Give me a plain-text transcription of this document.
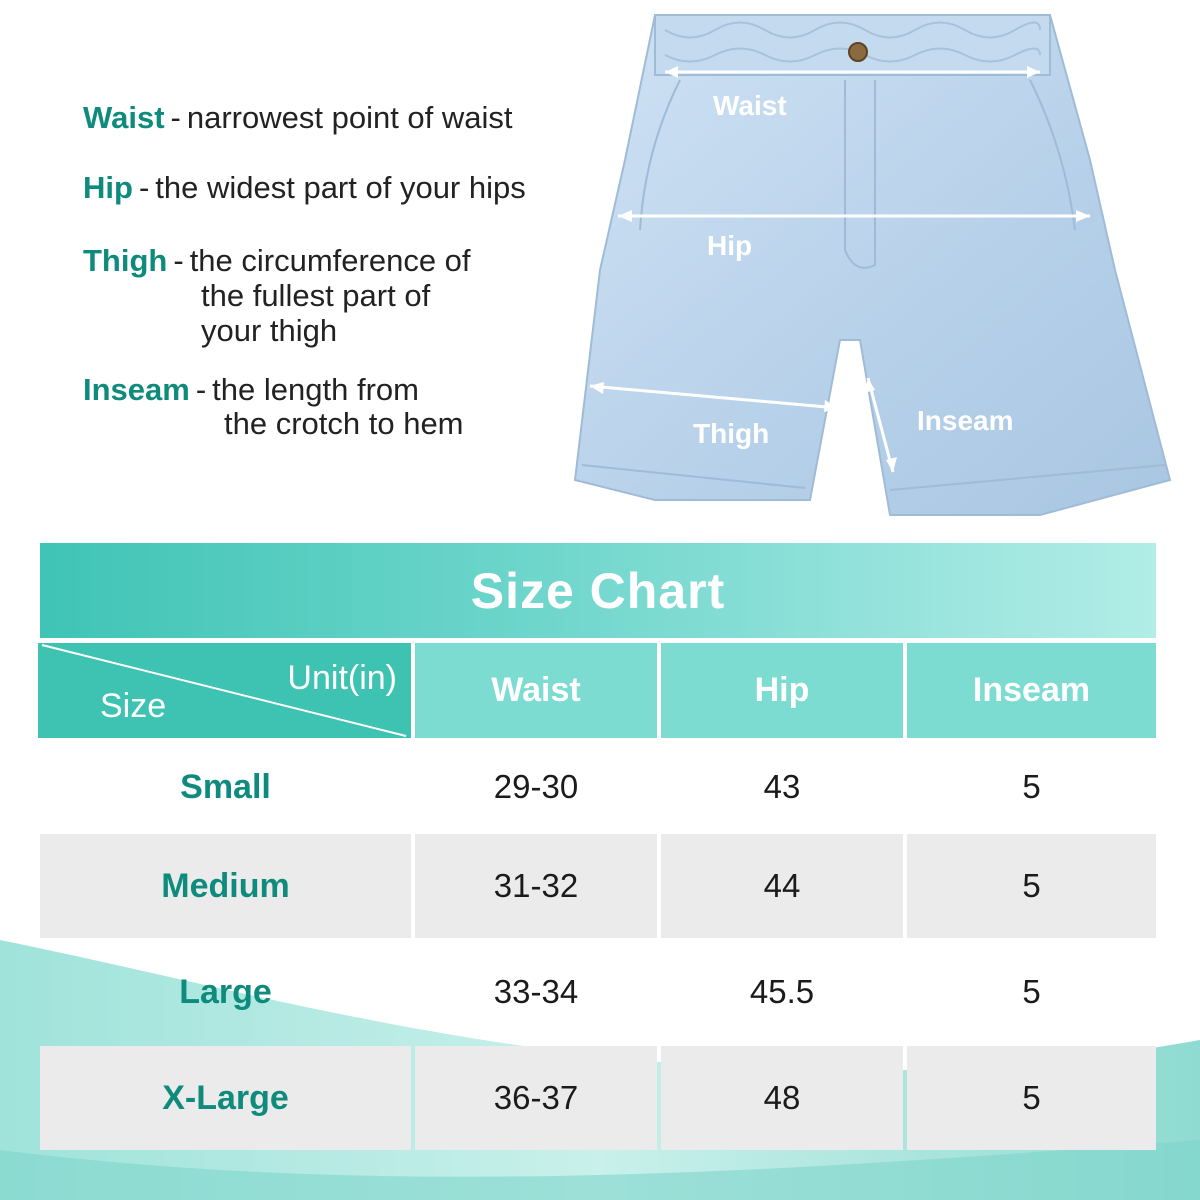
Waist - narrowest point of waist
Hip - the widest part of your hips
Thigh - the circumference of
the fullest part of
your thigh
Inseam - the length from
the crotch to hem
Waist
Hip
Thigh	Inseam
Size Chart
Unit(in)
Size	Waist	Hip	Inseam
Small	29-30	43	5
Medium	31-32	44	5
Large	33-34	45.5	5
X-Large	36-37	48	5
